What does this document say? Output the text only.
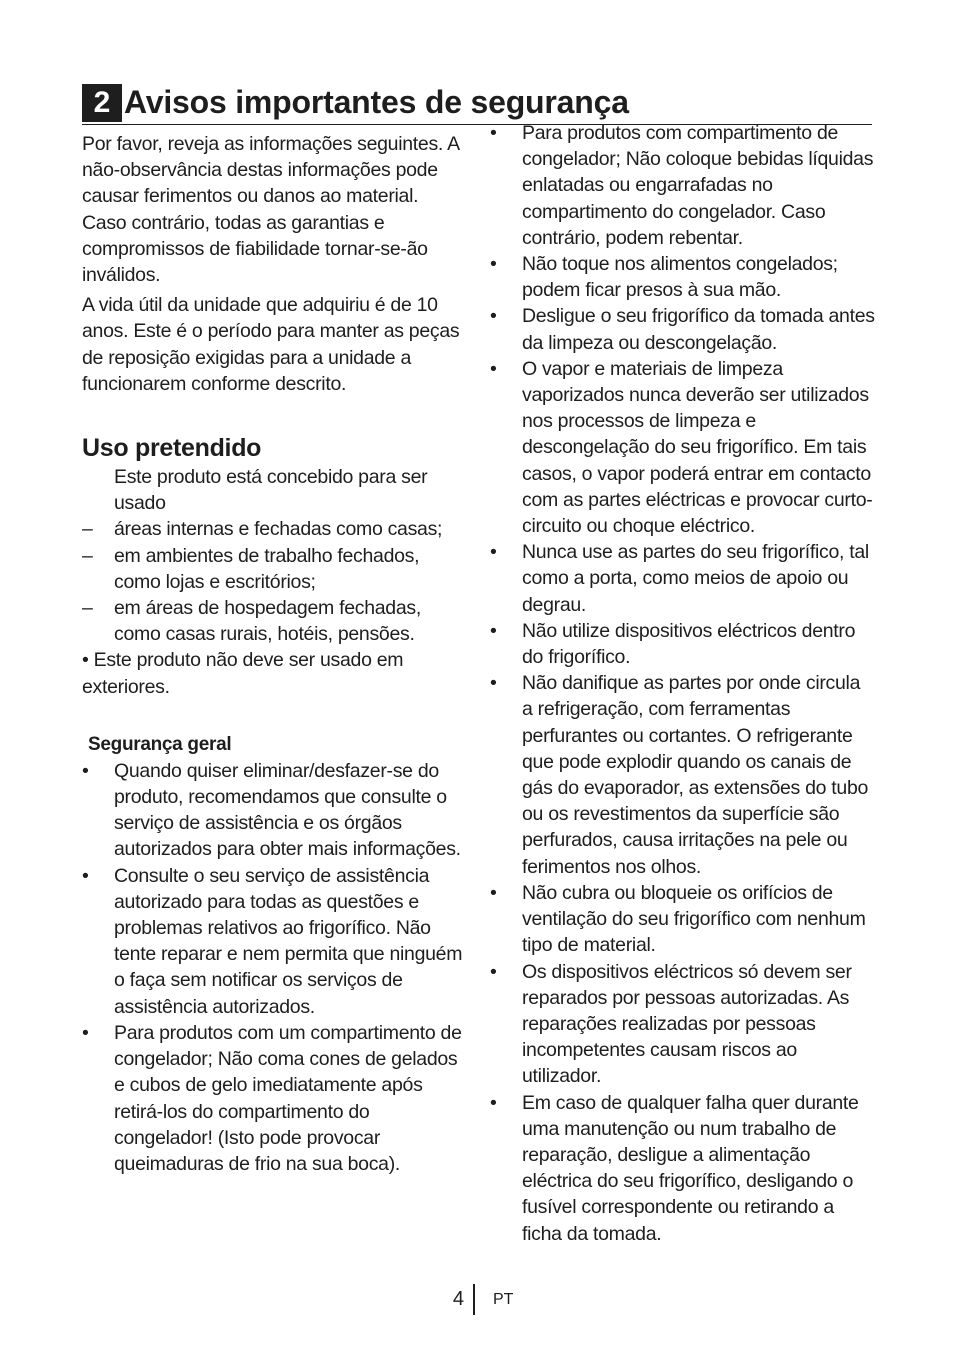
2 Avisos importantes de segurança

Por favor, reveja as informações seguintes. A não-observância destas informações pode causar ferimentos ou danos ao material. Caso contrário, todas as garantias e compromissos de fiabilidade tornar-se-ão inválidos.

A vida útil da unidade que adquiriu é de 10 anos. Este é o período para manter as peças de reposição exigidas para a unidade a funcionarem conforme descrito.

Uso pretendido
Este produto está concebido para ser usado
– áreas internas e fechadas como casas;
– em ambientes de trabalho fechados, como lojas e escritórios;
– em áreas de hospedagem fechadas, como casas rurais, hotéis, pensões.
• Este produto não deve ser usado em exteriores.
Segurança geral
• Quando quiser eliminar/desfazer-se do produto, recomendamos que consulte o serviço de assistência e os órgãos autorizados para obter mais informações.
• Consulte o seu serviço de assistência autorizado para todas as questões e problemas relativos ao frigorífico. Não tente reparar e nem permita que ninguém o faça sem notificar os serviços de assistência autorizados.
• Para produtos com um compartimento de congelador; Não coma cones de gelados e cubos de gelo imediatamente após retirá-los do compartimento do congelador! (Isto pode provocar queimaduras de frio na sua boca).
• Para produtos com compartimento de congelador; Não coloque bebidas líquidas enlatadas ou engarrafadas no compartimento do congelador. Caso contrário, podem rebentar.
• Não toque nos alimentos congelados; podem ficar presos à sua mão.
• Desligue o seu frigorífico da tomada antes da limpeza ou descongelação.
• O vapor e materiais de limpeza vaporizados nunca deverão ser utilizados nos processos de limpeza e descongelação do seu frigorífico. Em tais casos, o vapor poderá entrar em contacto com as partes eléctricas e provocar curto-circuito ou choque eléctrico.
• Nunca use as partes do seu frigorífico, tal como a porta, como meios de apoio ou degrau.
• Não utilize dispositivos eléctricos dentro do frigorífico.
• Não danifique as partes por onde circula a refrigeração, com ferramentas perfurantes ou cortantes. O refrigerante que pode explodir quando os canais de gás do evaporador, as extensões do tubo ou os revestimentos da superfície são perfurados, causa irritações na pele ou ferimentos nos olhos.
• Não cubra ou bloqueie os orifícios de ventilação do seu frigorífico com nenhum tipo de material.
• Os dispositivos eléctricos só devem ser reparados por pessoas autorizadas. As reparações realizadas por pessoas incompetentes causam riscos ao utilizador.
• Em caso de qualquer falha quer durante uma manutenção ou num trabalho de reparação, desligue a alimentação eléctrica do seu frigorífico, desligando o fusível correspondente ou retirando a ficha da tomada.
4 PT
